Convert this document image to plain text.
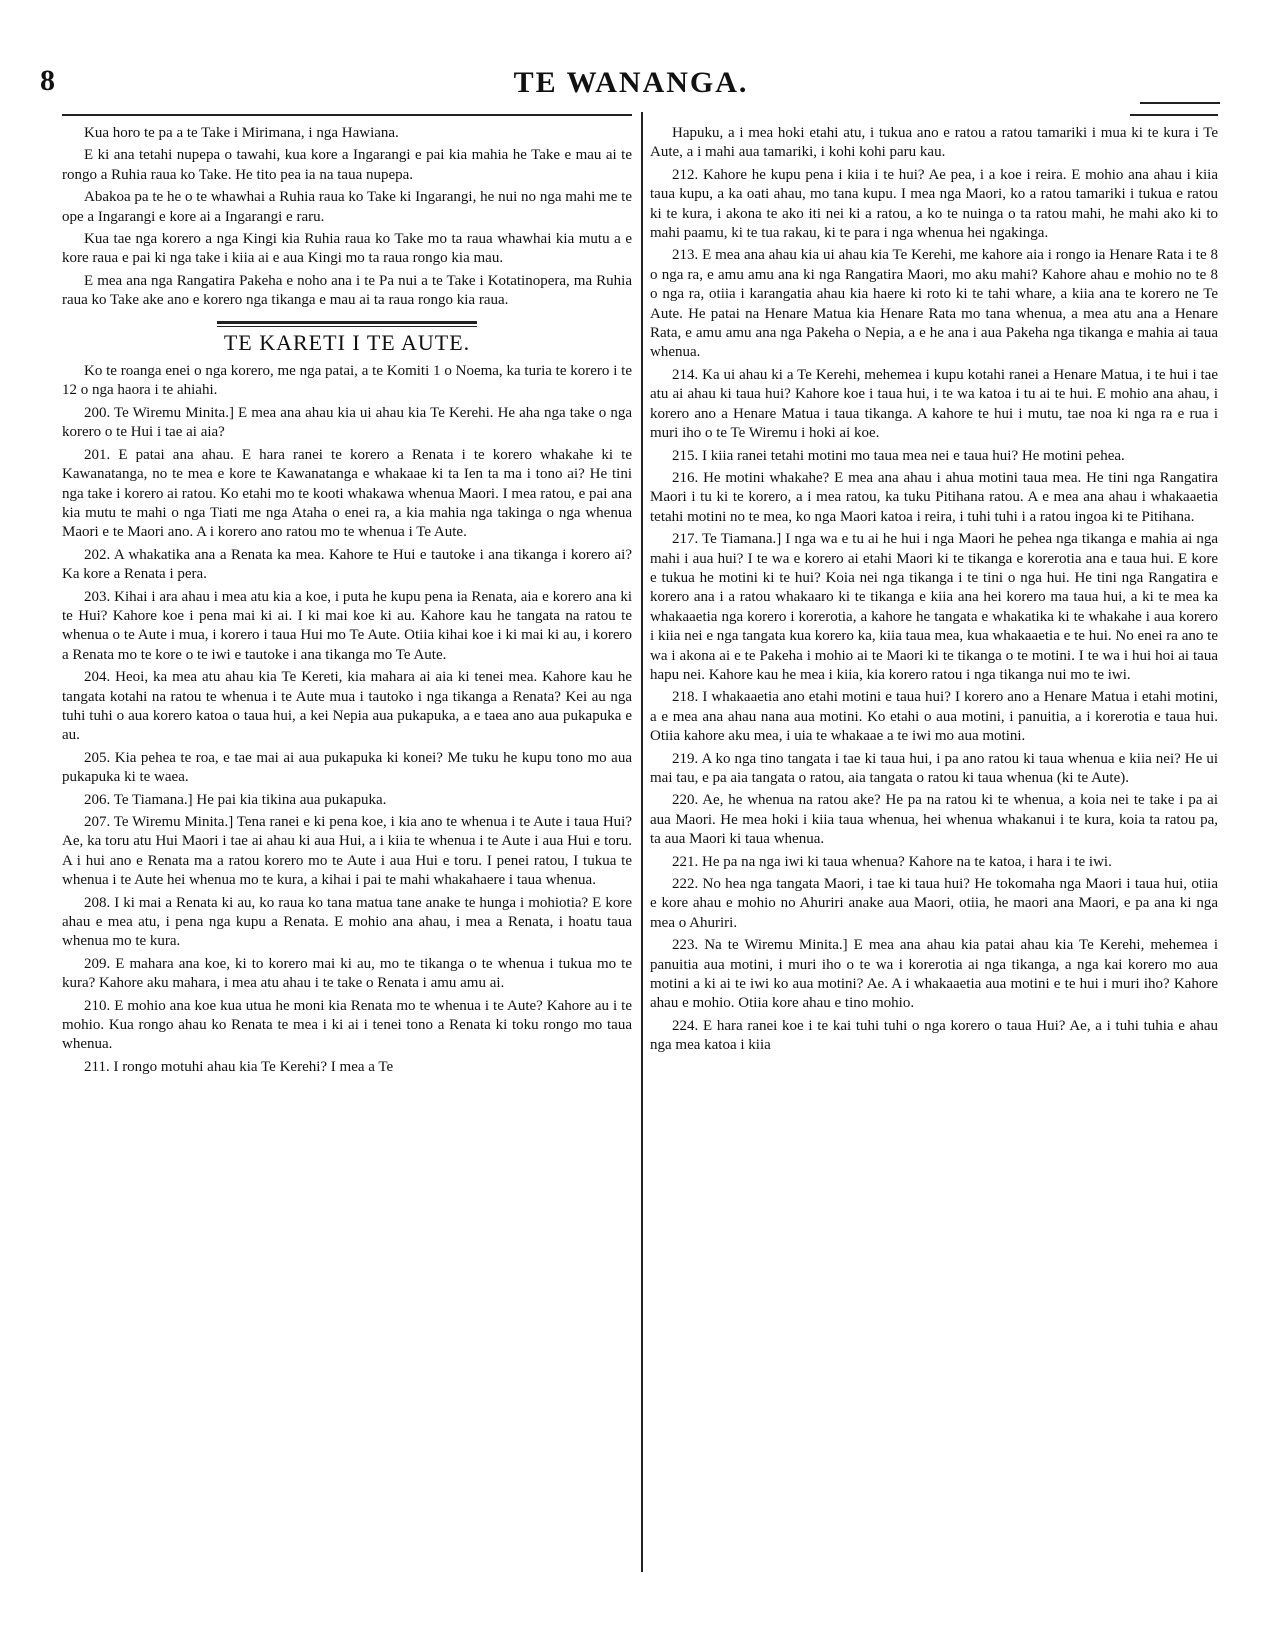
8	TE WANANGA.

Kua horo te pa a te Take i Mirimana, i nga Hawiana.

E ki ana tetahi nupepa o tawahi, kua kore a Ingarangi e pai kia mahia he Take e mau ai te rongo a Ruhia raua ko Take. He tito pea ia na taua nupepa.

Abakoa pa te he o te whawhai a Ruhia raua ko Take ki Ingarangi, he nui no nga mahi me te ope a Ingarangi e kore ai a Ingarangi e raru.

Kua tae nga korero a nga Kingi kia Ruhia raua ko Take mo ta raua whawhai kia mutu a e kore raua e pai ki nga take i kiia ai e aua Kingi mo ta raua rongo kia mau.

E mea ana nga Rangatira Pakeha e noho ana i te Pa nui a te Take i Kotatinopera, ma Ruhia raua ko Take ake ano e korero nga tikanga e mau ai ta raua rongo kia raua.

TE KARETI I TE AUTE.

Ko te roanga enei o nga korero, me nga patai, a te Komiti 1 o Noema, ka turia te korero i te 12 o nga haora i te ahiahi.

200. Te Wiremu Minita.] E mea ana ahau kia ui ahau kia Te Kerehi. He aha nga take o nga korero o te Hui i tae ai aia?

201. E patai ana ahau. E hara ranei te korero a Renata i te korero whakahe ki te Kawanatanga, no te mea e kore te Kawanatanga e whakaae ki ta Ien ta ma i tono ai? He tini nga take i korero ai ratou. Ko etahi mo te kooti whakawa whenua Maori. I mea ratou, e pai ana kia mutu te mahi o nga Tiati me nga Ataha o enei ra, a kia mahia nga takinga o nga whenua Maori e te Maori ano. A i korero ano ratou mo te whenua i Te Aute.

202. A whakatika ana a Renata ka mea. Kahore te Hui e tautoke i ana tikanga i korero ai? Ka kore a Renata i pera.

203. Kihai i ara ahau i mea atu kia a koe, i puta he kupu pena ia Renata, aia e korero ana ki te Hui? Kahore koe i pena mai ki ai. I ki mai koe ki au. Kahore kau he tangata na ratou te whenua o te Aute i mua, i korero i taua Hui mo Te Aute. Otiia kihai koe i ki mai ki au, i korero a Renata mo te kore o te iwi e tautoke i ana tikanga mo Te Aute.

204. Heoi, ka mea atu ahau kia Te Kereti, kia mahara ai aia ki tenei mea. Kahore kau he tangata kotahi na ratou te whenua i te Aute mua i tautoko i nga tikanga a Renata? Kei au nga tuhi tuhi o aua korero katoa o taua hui, a kei Nepia aua pukapuka, a e taea ano aua pukapuka e au.

205. Kia pehea te roa, e tae mai ai aua pukapuka ki konei? Me tuku he kupu tono mo aua pukapuka ki te waea.

206. Te Tiamana.] He pai kia tikina aua pukapuka.

207. Te Wiremu Minita.] Tena ranei e ki pena koe, i kia ano te whenua i te Aute i taua Hui? Ae, ka toru atu Hui Maori i tae ai ahau ki aua Hui, a i kiia te whenua i te Aute i aua Hui e toru. A i hui ano e Renata ma a ratou korero mo te Aute i aua Hui e toru. I penei ratou, I tukua te whenua i te Aute hei whenua mo te kura, a kihai i pai te mahi whakahaere i taua whenua.

208. I ki mai a Renata ki au, ko raua ko tana matua tane anake te hunga i mohiotia? E kore ahau e mea atu, i pena nga kupu a Renata. E mohio ana ahau, i mea a Renata, i hoatu taua whenua mo te kura.

209. E mahara ana koe, ki to korero mai ki au, mo te tikanga o te whenua i tukua mo te kura? Kahore aku mahara, i mea atu ahau i te take o Renata i amu amu ai.

210. E mohio ana koe kua utua he moni kia Renata mo te whenua i te Aute? Kahore au i te mohio. Kua rongo ahau ko Renata te mea i ki ai i tenei tono a Renata ki toku rongo mo taua whenua.

211. I rongo motuhi ahau kia Te Kerehi? I mea a Te

Hapuku, a i mea hoki etahi atu, i tukua ano e ratou a ratou tamariki i mua ki te kura i Te Aute, a i mahi aua tamariki, i kohi kohi paru kau.

212. Kahore he kupu pena i kiia i te hui? Ae pea, i a koe i reira. E mohio ana ahau i kiia taua kupu, a ka oati ahau, mo tana kupu. I mea nga Maori, ko a ratou tamariki i tukua e ratou ki te kura, i akona te ako iti nei ki a ratou, a ko te nuinga o ta ratou mahi, he mahi ako ki to mahi paamu, ki te tua rakau, ki te para i nga whenua hei ngakinga.

213. E mea ana ahau kia ui ahau kia Te Kerehi, me kahore aia i rongo ia Henare Rata i te 8 o nga ra, e amu amu ana ki nga Rangatira Maori, mo aku mahi? Kahore ahau e mohio no te 8 o nga ra, otiia i karangatia ahau kia haere ki roto ki te tahi whare, a kiia ana te korero ne Te Aute. He patai na Henare Matua kia Henare Rata mo tana whenua, a mea atu ana a Henare Rata, e amu amu ana nga Pakeha o Nepia, a e he ana i aua Pakeha nga tikanga e mahia ai taua whenua.

214. Ka ui ahau ki a Te Kerehi, mehemea i kupu kotahi ranei a Henare Matua, i te hui i tae atu ai ahau ki taua hui? Kahore koe i taua hui, i te wa katoa i tu ai te hui. E mohio ana ahau, i korero ano a Henare Matua i taua tikanga. A kahore te hui i mutu, tae noa ki nga ra e rua i muri iho o te Te Wiremu i hoki ai koe.

215. I kiia ranei tetahi motini mo taua mea nei e taua hui? He motini pehea.

216. He motini whakahe? E mea ana ahau i ahua motini taua mea. He tini nga Rangatira Maori i tu ki te korero, a i mea ratou, ka tuku Pitihana ratou. A e mea ana ahau i whakaaetia tetahi motini no te mea, ko nga Maori katoa i reira, i tuhi tuhi i a ratou ingoa ki te Pitihana.

217. Te Tiamana.] I nga wa e tu ai he hui i nga Maori he pehea nga tikanga e mahia ai nga mahi i aua hui? I te wa e korero ai etahi Maori ki te tikanga e korerotia ana e taua hui. E kore e tukua he motini ki te hui? Koia nei nga tikanga i te tini o nga hui. He tini nga Rangatira e korero ana i a ratou whakaaro ki te tikanga e kiia ana hei korero ma taua hui, a ki te mea ka whakaaetia nga korero i korerotia, a kahore he tangata e whakatika ki te whakahe i aua korero i kiia nei e nga tangata kua korero ka, kiia taua mea, kua whakaaetia e te hui. No enei ra ano te wa i akona ai e te Pakeha i mohio ai te Maori ki te tikanga o te motini. I te wa i hui hoi ai taua hapu nei. Kahore kau he mea i kiia, kia korero ratou i nga tikanga nui mo te iwi.

218. I whakaaetia ano etahi motini e taua hui? I korero ano a Henare Matua i etahi motini, a e mea ana ahau nana aua motini. Ko etahi o aua motini, i panuitia, a i korerotia e taua hui. Otiia kahore aku mea, i uia te whakaae a te iwi mo aua motini.

219. A ko nga tino tangata i tae ki taua hui, i pa ano ratou ki taua whenua e kiia nei? He ui mai tau, e pa aia tangata o ratou, aia tangata o ratou ki taua whenua (ki te Aute).

220. Ae, he whenua na ratou ake? He pa na ratou ki te whenua, a koia nei te take i pa ai aua Maori. He mea hoki i kiia taua whenua, hei whenua whakanui i te kura, koia ta ratou pa, ta aua Maori ki taua whenua.

221. He pa na nga iwi ki taua whenua? Kahore na te katoa, i hara i te iwi.

222. No hea nga tangata Maori, i tae ki taua hui? He tokomaha nga Maori i taua hui, otiia e kore ahau e mohio no Ahuriri anake aua Maori, otiia, he maori ana Maori, e pa ana ki nga mea o Ahuriri.

223. Na te Wiremu Minita.] E mea ana ahau kia patai ahau kia Te Kerehi, mehemea i panuitia aua motini, i muri iho o te wa i korerotia ai nga tikanga, a nga kai korero mo aua motini a ki ai te iwi ko aua motini? Ae. A i whakaaetia aua motini e te hui i muri iho? Kahore ahau e mohio. Otiia kore ahau e tino mohio.

224. E hara ranei koe i te kai tuhi tuhi o nga korero o taua Hui? Ae, a i tuhi tuhia e ahau nga mea katoa i kiia
